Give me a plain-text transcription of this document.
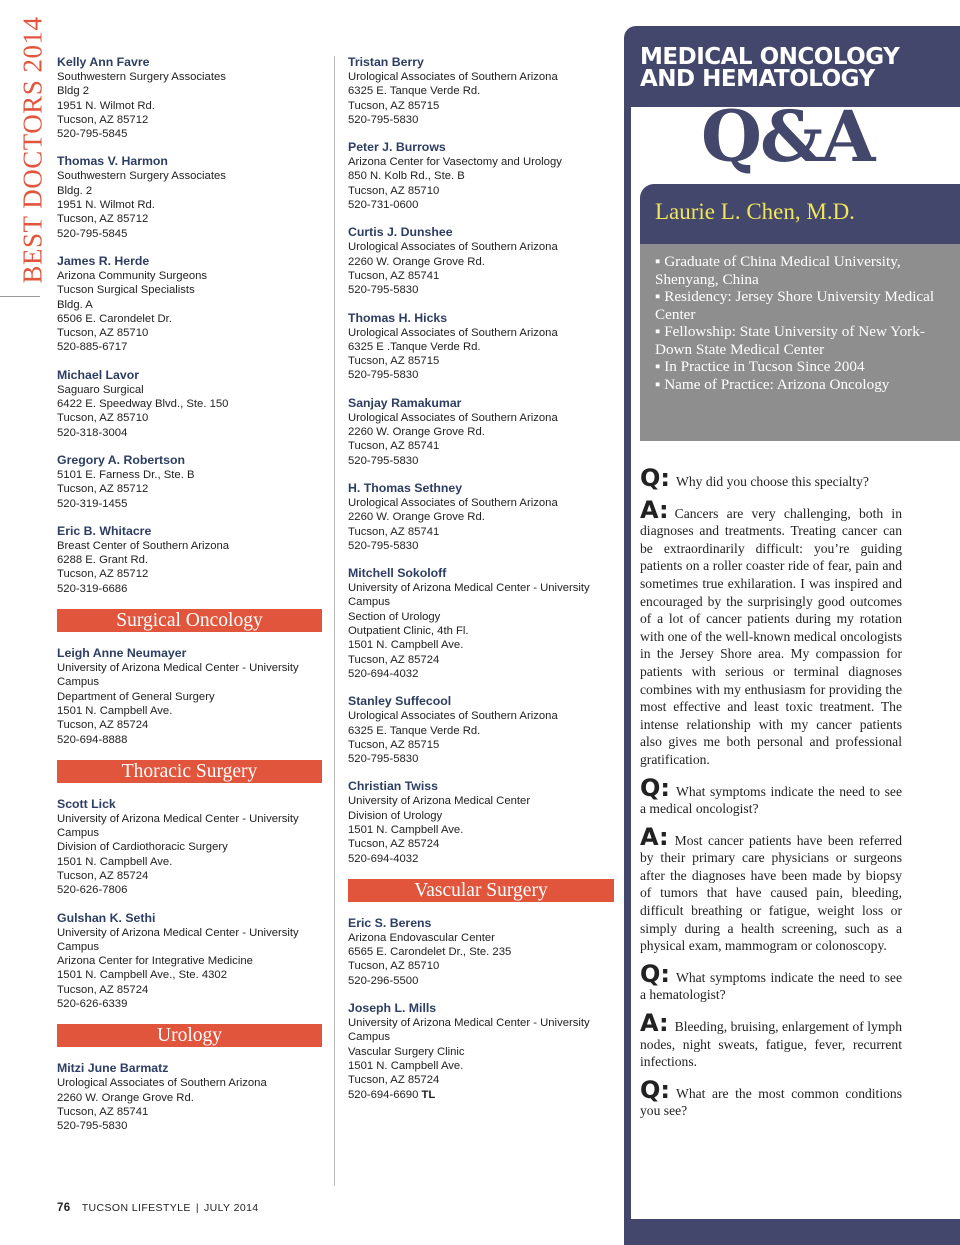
BEST DOCTORS 2014 Kelly Ann Favre
Southwestern Surgery Associates
Bldg 2
1951 N. Wilmot Rd.
Tucson, AZ 85712
520-795-5845
Thomas V. Harmon
Southwestern Surgery Associates
Bldg. 2
1951 N. Wilmot Rd.
Tucson, AZ 85712
520-795-5845
James R. Herde
Arizona Community Surgeons
Tucson Surgical Specialists
Bldg. A
6506 E. Carondelet Dr.
Tucson, AZ 85710
520-885-6717
Michael Lavor
Saguaro Surgical
6422 E. Speedway Blvd., Ste. 150
Tucson, AZ 85710
520-318-3004
Gregory A. Robertson
5101 E. Farness Dr., Ste. B
Tucson, AZ 85712
520-319-1455
Eric B. Whitacre
Breast Center of Southern Arizona
6288 E. Grant Rd.
Tucson, AZ 85712
520-319-6686
Surgical Oncology
Leigh Anne Neumayer
University of Arizona Medical Center - University
Campus
Department of General Surgery
1501 N. Campbell Ave.
Tucson, AZ 85724
520-694-8888
Thoracic Surgery
Scott Lick
University of Arizona Medical Center - University
Campus
Division of Cardiothoracic Surgery
1501 N. Campbell Ave.
Tucson, AZ 85724
520-626-7806
Gulshan K. Sethi
University of Arizona Medical Center - University
Campus
Arizona Center for Integrative Medicine
1501 N. Campbell Ave., Ste. 4302
Tucson, AZ 85724
520-626-6339
Urology
Mitzi June Barmatz
Urological Associates of Southern Arizona
2260 W. Orange Grove Rd.
Tucson, AZ 85741
520-795-5830
Tristan Berry
Urological Associates of Southern Arizona
6325 E. Tanque Verde Rd.
Tucson, AZ 85715
520-795-5830
Peter J. Burrows
Arizona Center for Vasectomy and Urology
850 N. Kolb Rd., Ste. B
Tucson, AZ 85710
520-731-0600
Curtis J. Dunshee
Urological Associates of Southern Arizona
2260 W. Orange Grove Rd.
Tucson, AZ 85741
520-795-5830
Thomas H. Hicks
Urological Associates of Southern Arizona
6325 E .Tanque Verde Rd.
Tucson, AZ 85715
520-795-5830
Sanjay Ramakumar
Urological Associates of Southern Arizona
2260 W. Orange Grove Rd.
Tucson, AZ 85741
520-795-5830
H. Thomas Sethney
Urological Associates of Southern Arizona
2260 W. Orange Grove Rd.
Tucson, AZ 85741
520-795-5830
Mitchell Sokoloff
University of Arizona Medical Center - University
Campus
Section of Urology
Outpatient Clinic, 4th Fl.
1501 N. Campbell Ave.
Tucson, AZ 85724
520-694-4032
Stanley Suffecool
Urological Associates of Southern Arizona
6325 E. Tanque Verde Rd.
Tucson, AZ 85715
520-795-5830
Christian Twiss
University of Arizona Medical Center
Division of Urology
1501 N. Campbell Ave.
Tucson, AZ 85724
520-694-4032
Vascular Surgery
Eric S. Berens
Arizona Endovascular Center
6565 E. Carondelet Dr., Ste. 235
Tucson, AZ 85710
520-296-5500
Joseph L. Mills
University of Arizona Medical Center - University
Campus
Vascular Surgery Clinic
1501 N. Campbell Ave.
Tucson, AZ 85724
520-694-6690 TL
76 TUCSON LIFESTYLE | JULY 2014
MEDICAL ONCOLOGY
AND HEMATOLOGY
Q&A
Laurie L. Chen, M.D.
▪ Graduate of China Medical University, Shenyang, China
▪ Residency: Jersey Shore University Medical Center
▪ Fellowship: State University of New York-Down State Medical Center
▪ In Practice in Tucson Since 2004
▪ Name of Practice: Arizona Oncology

Q: Why did you choose this specialty?

A: Cancers are very challenging, both in diagnoses and treatments. Treating cancer can be extraordinarily difficult: you’re guiding patients on a roller coaster ride of fear, pain and sometimes true exhilaration. I was inspired and encouraged by the surprisingly good outcomes of a lot of cancer patients during my rotation with one of the well-known medical oncologists in the Jersey Shore area. My compassion for patients with serious or terminal diagnoses combines with my enthusiasm for providing the most effective and least toxic treatment. The intense relationship with my cancer patients also gives me both personal and professional gratification.

Q: What symptoms indicate the need to see a medical oncologist?

A: Most cancer patients have been referred by their primary care physicians or surgeons after the diagnoses have been made by biopsy of tumors that have caused pain, bleeding, difficult breathing or fatigue, weight loss or simply during a health screening, such as a physical exam, mammogram or colonoscopy.

Q: What symptoms indicate the need to see a hematologist?

A: Bleeding, bruising, enlargement of lymph nodes, night sweats, fatigue, fever, recurrent infections.

Q: What are the most common conditions you see?

TucsonLifestyle.com
